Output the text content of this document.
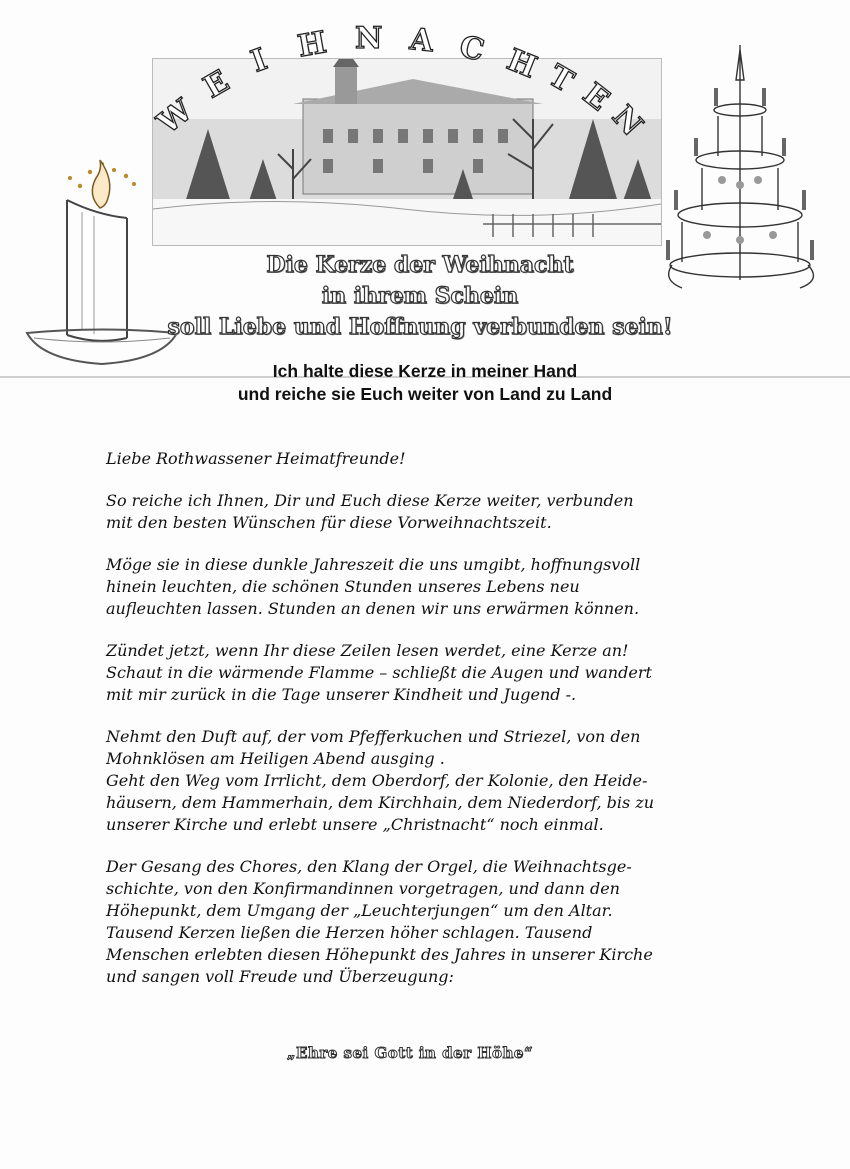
W
E
I H N A C H T
E
N
Die Kerze der Weihnacht
in ihrem Schein
soll Liebe und Hoffnung verbunden sein!
Ich halte diese Kerze in meiner Hand
und reiche sie Euch weiter von Land zu Land

Liebe Rothwassener Heimatfreunde!

So reiche ich Ihnen, Dir und Euch diese Kerze weiter, verbunden
mit den besten Wünschen für diese Vorweihnachtszeit.

Möge sie in diese dunkle Jahreszeit die uns umgibt, hoffnungsvoll
hinein leuchten, die schönen Stunden unseres Lebens neu
aufleuchten lassen. Stunden an denen wir uns erwärmen können.

Zündet jetzt, wenn Ihr diese Zeilen lesen werdet, eine Kerze an!
Schaut in die wärmende Flamme – schließt die Augen und wandert
mit mir zurück in die Tage unserer Kindheit und Jugend -.

Nehmt den Duft auf, der vom Pfefferkuchen und Striezel, von den
Mohnklösen am Heiligen Abend ausging .
Geht den Weg vom Irrlicht, dem Oberdorf, der Kolonie, den Heide-
häusern, dem Hammerhain, dem Kirchhain, dem Niederdorf, bis zu
unserer Kirche und erlebt unsere „Christnacht“ noch einmal.

Der Gesang des Chores, den Klang der Orgel, die Weihnachtsge-
schichte, von den Konfirmandinnen vorgetragen, und dann den
Höhepunkt, dem Umgang der „Leuchterjungen“ um den Altar.
Tausend Kerzen ließen die Herzen höher schlagen. Tausend
Menschen erlebten diesen Höhepunkt des Jahres in unserer Kirche
und sangen voll Freude und Überzeugung:

„Ehre sei Gott in der Höhe“
